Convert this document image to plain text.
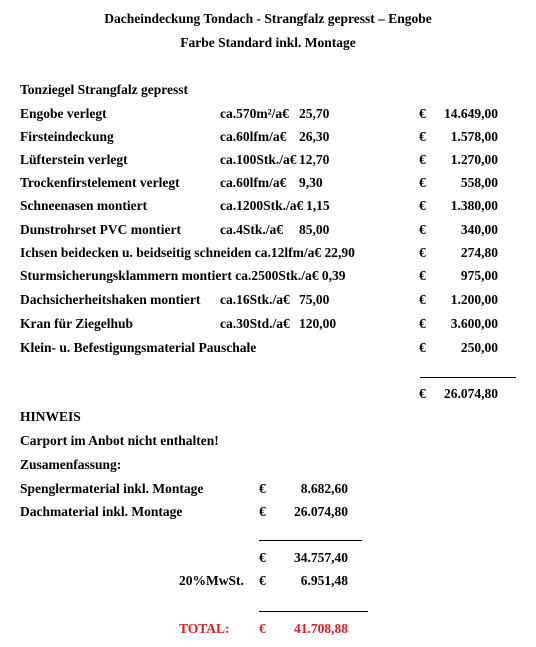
Dacheindeckung Tondach - Strangfalz gepresst – Engobe
Farbe Standard inkl. Montage
Tonziegel Strangfalz gepresst
Engobe verlegt	ca.570m²/a€ 25,70	€	14.649,00
Firsteindeckung	ca.60lfm/a€ 26,30	€	1.578,00
Lüfterstein verlegt	ca.100Stk./a€ 12,70	€	1.270,00
Trockenfirstelement verlegt	ca.60lfm/a€ 9,30	€	558,00
Schneenasen montiert	ca.1200Stk./a€ 1,15	€	1.380,00
Dunstrohrset PVC montiert	ca.4Stk./a€ 85,00	€	340,00
Ichsen beidecken u. beidseitig schneiden ca.12lfm/a€ 22,90	€	274,80
Sturmsicherungsklammern montiert ca.2500Stk./a€ 0,39	€	975,00
Dachsicherheitshaken montiert ca.16Stk./a€ 75,00	€	1.200,00
Kran für Ziegelhub	ca.30Std./a€ 120,00	€	3.600,00
Klein- u. Befestigungsmaterial Pauschale	€	250,00
€	26.074,80
HINWEIS
Carport im Anbot nicht enthalten!
Zusamenfassung:
Spenglermaterial inkl. Montage	€	8.682,60
Dachmaterial inkl. Montage	€	26.074,80
€	34.757,40
20%MwSt. €	6.951,48
TOTAL: €	41.708,88
